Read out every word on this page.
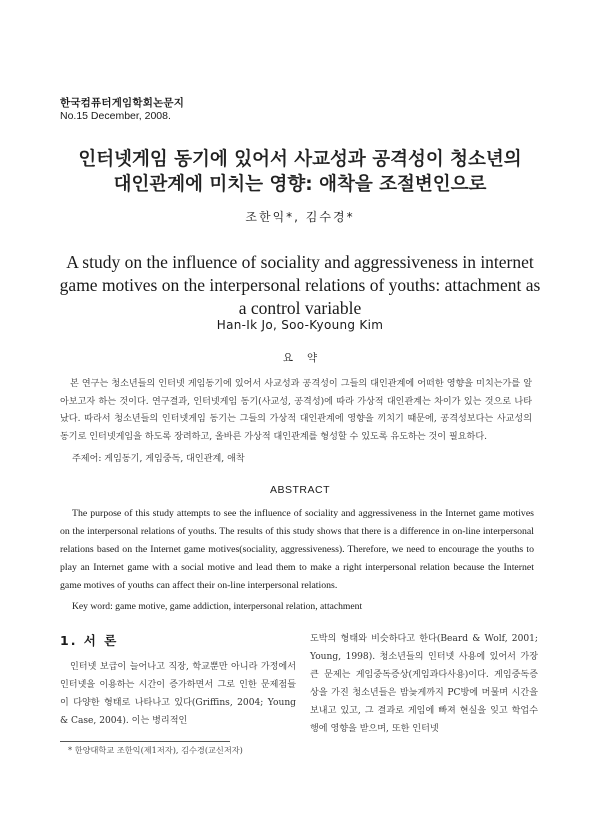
한국컴퓨터게임학회논문지
No.15 December, 2008.
인터넷게임 동기에 있어서 사교성과 공격성이 청소년의
대인관계에 미치는 영향: 애착을 조절변인으로
조한익*, 김수경*
A study on the influence of sociality and aggressiveness in internet game motives on the interpersonal relations of youths: attachment as a control variable
Han-Ik Jo, Soo-Kyoung Kim
요약
본 연구는 청소년들의 인터넷 게임동기에 있어서 사교성과 공격성이 그들의 대인관계에 어떠한 영향을 미치는가를 알아보고자 하는 것이다. 연구결과, 인터넷게임 동기(사교성, 공격성)에 따라 가상적 대인관계는 차이가 있는 것으로 나타났다. 따라서 청소년들의 인터넷게임 동기는 그들의 가상적 대인관계에 영향을 끼치기 때문에, 공격성보다는 사교성의 동기로 인터넷게임을 하도록 장려하고, 올바른 가상적 대인관계를 형성할 수 있도록 유도하는 것이 필요하다.
주제어: 게임동기, 게임중독, 대인관계, 애착
ABSTRACT
The purpose of this study attempts to see the influence of sociality and aggressiveness in the Internet game motives on the interpersonal relations of youths. The results of this study shows that there is a difference in on-line interpersonal relations based on the Internet game motives(sociality, aggressiveness). Therefore, we need to encourage the youths to play an Internet game with a social motive and lead them to make a right interpersonal relation because the Internet game motives of youths can affect their on-line interpersonal relations.
Key word: game motive, game addiction, interpersonal relation, attachment
1. 서 론
인터넷 보급이 늘어나고 직장, 학교뿐만 아니라 가정에서 인터넷을 이용하는 시간이 증가하면서 그로 인한 문제점들이 다양한 형태로 나타나고 있다(Griffins, 2004; Young & Case, 2004). 이는 병리적인
도박의 형태와 비슷하다고 한다(Beard & Wolf, 2001; Young, 1998). 청소년들의 인터넷 사용에 있어서 가장 큰 문제는 게임중독증상(게임과다사용)이다. 게임중독증상을 가진 청소년들은 밤늦게까지 PC방에 머물며 시간을 보내고 있고, 그 결과로 게임에 빠져 현실을 잊고 학업수행에 영향을 받으며, 또한 인터넷
* 한양대학교 조한익(제1저자), 김수경(교신저자)
